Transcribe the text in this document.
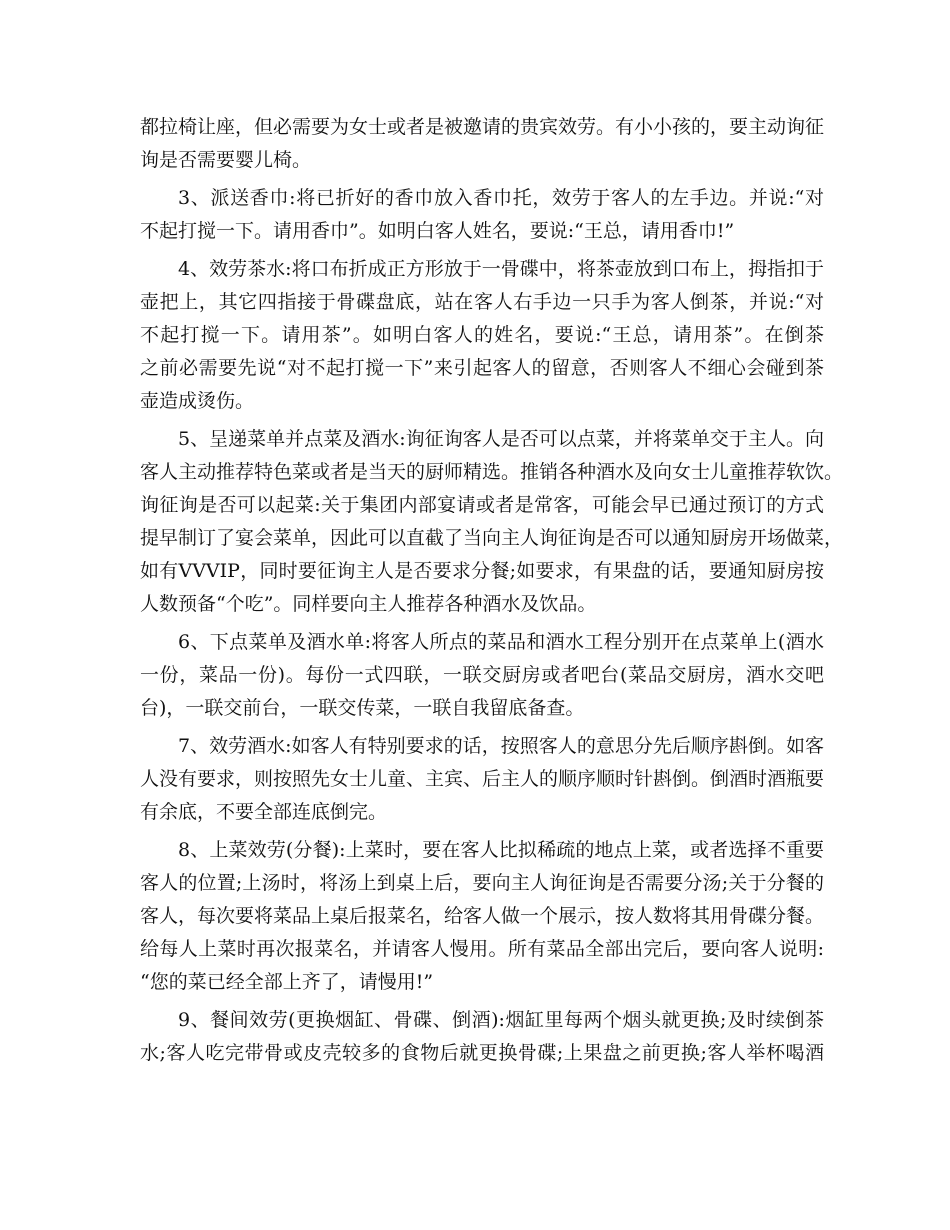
都拉椅让座，但必需要为女士或者是被邀请的贵宾效劳。有小小孩的，要主动询征
询是否需要婴儿椅。
3、派送香巾:将已折好的香巾放入香巾托，效劳于客人的左手边。并说:“对
不起打搅一下。请用香巾”。如明白客人姓名，要说:“王总，请用香巾!”
4、效劳茶水:将口布折成正方形放于一骨碟中，将茶壶放到口布上，拇指扣于
壶把上，其它四指接于骨碟盘底，站在客人右手边一只手为客人倒茶，并说:“对
不起打搅一下。请用茶”。如明白客人的姓名，要说:“王总，请用茶”。在倒茶
之前必需要先说“对不起打搅一下”来引起客人的留意，否则客人不细心会碰到茶
壶造成烫伤。
5、呈递菜单并点菜及酒水:询征询客人是否可以点菜，并将菜单交于主人。向
客人主动推荐特色菜或者是当天的厨师精选。推销各种酒水及向女士儿童推荐软饮。
询征询是否可以起菜:关于集团内部宴请或者是常客，可能会早已通过预订的方式
提早制订了宴会菜单，因此可以直截了当向主人询征询是否可以通知厨房开场做菜，
如有VVVIP，同时要征询主人是否要求分餐;如要求，有果盘的话，要通知厨房按
人数预备“个吃”。同样要向主人推荐各种酒水及饮品。
6、下点菜单及酒水单:将客人所点的菜品和酒水工程分别开在点菜单上(酒水
一份，菜品一份)。每份一式四联，一联交厨房或者吧台(菜品交厨房，酒水交吧
台)，一联交前台，一联交传菜，一联自我留底备查。
7、效劳酒水:如客人有特别要求的话，按照客人的意思分先后顺序斟倒。如客
人没有要求，则按照先女士儿童、主宾、后主人的顺序顺时针斟倒。倒酒时酒瓶要
有余底，不要全部连底倒完。
8、上菜效劳(分餐):上菜时，要在客人比拟稀疏的地点上菜，或者选择不重要
客人的位置;上汤时，将汤上到桌上后，要向主人询征询是否需要分汤;关于分餐的
客人，每次要将菜品上桌后报菜名，给客人做一个展示，按人数将其用骨碟分餐。
给每人上菜时再次报菜名，并请客人慢用。所有菜品全部出完后，要向客人说明:
“您的菜已经全部上齐了，请慢用!”
9、餐间效劳(更换烟缸、骨碟、倒酒):烟缸里每两个烟头就更换;及时续倒茶
水;客人吃完带骨或皮壳较多的食物后就更换骨碟;上果盘之前更换;客人举杯喝酒
